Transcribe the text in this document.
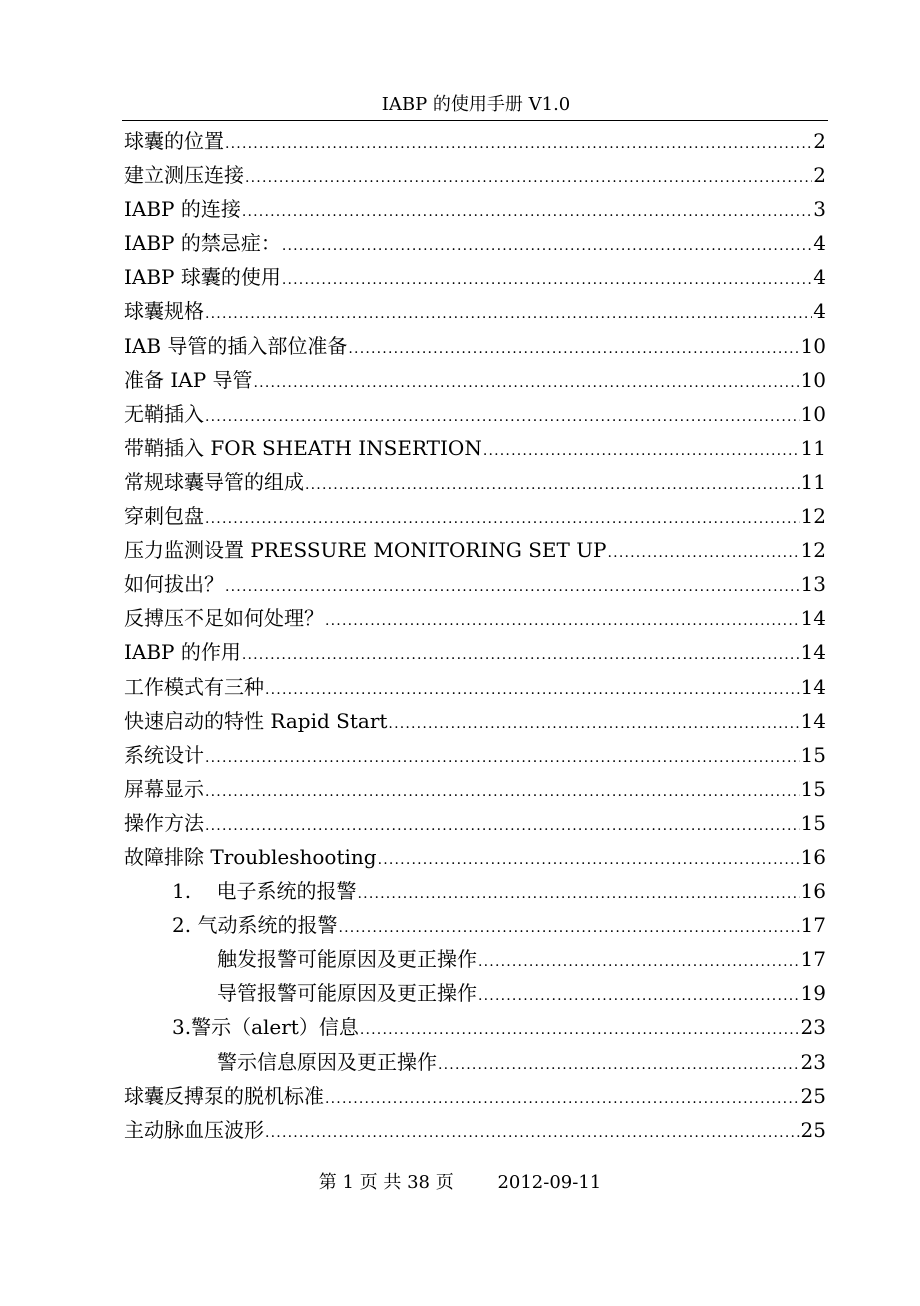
IABP 的使用手册 V1.0
球囊的位置 .....	2
建立测压连接 .....	2
IABP 的连接 .....	3
IABP 的禁忌症： .....	4
IABP 球囊的使用 .....	4
球囊规格 .....	4
IAB 导管的插入部位准备 .....	10
准备 IAP 导管 .....	10
无鞘插入 .....	10
带鞘插入 FOR SHEATH INSERTION .....	11
常规球囊导管的组成 .....	11
穿刺包盘 .....	12
压力监测设置 PRESSURE MONITORING SET UP .....	12
如何拔出？ .....	13
反搏压不足如何处理？ .....	14
IABP 的作用 .....	14
工作模式有三种 .....	14
快速启动的特性 Rapid Start .....	14
系统设计 .....	15
屏幕显示 .....	15
操作方法 .....	15
故障排除 Troubleshooting .....	16
1.    电子系统的报警 .....	16
2. 气动系统的报警 .....	17
触发报警可能原因及更正操作 .....	17
导管报警可能原因及更正操作 .....	19
3.警示（alert）信息 .....	23
警示信息原因及更正操作 .....	23
球囊反搏泵的脱机标准 .....	25
主动脉血压波形 .....	25
第 1 页 共 38 页 2012-09-11
